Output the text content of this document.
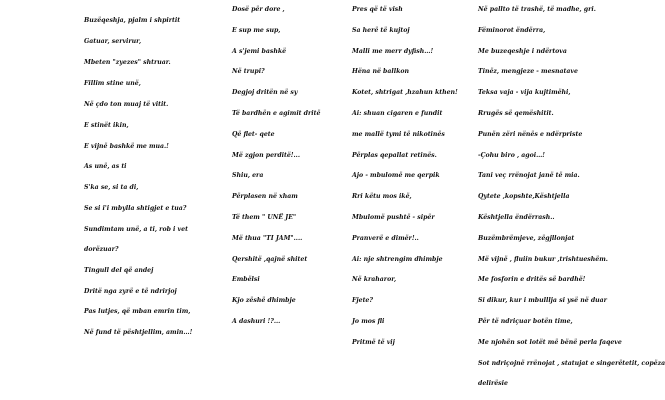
Buzëqeshja, pjalm i shpirtit
Gatuar, servirur,
Mbeten "zyezes" shtruar.
Fillim stine unë,
Në çdo ton muaj të vitit.
E stinët ikin,
E vijnë bashkë me mua.!
As unë, as ti
S'ka se, si ta di,
Se si i'i mbylla shtigjet e tua?
Sundimtam unë, a ti, rob i vet
dorëzuar?
Tingull del që andej
Dritë nga zyrë e të ndrirjoj
Pas lutjes, që mban emrin tim,
Në fund të pështjellim, amin…!
Dosë për dore ,
E sup me sup,
A s'jemi bashkë
Në trupi?
Degjoj dritën në sy
Të bardhën e agimit dritë
Që flet- qete
Më zgjon perditë!...
Shiu, era
Përplasen në xham
Të them " UNË JE"
Më thua "TI JAM"....
Qershitë ,qajnë shitet
Embëlsi
Kjo zëshë dhimbje
A dashuri !?...
Pres që të vish
Sa herë të kujtoj
Malli me merr dyfish…!
Hëna në ballkon
Kotet, shtrigat ,hzahun kthen!
Ai: shuan cigaren e fundit
me mallë tymi të nikotinës
Përplas qepallat retinës.
Ajo - mbulomë me qerpik
Rri këtu mos ikë,
Mbulomë pushtë - sipër
Pranverë e dimër!..
Ai: nje shtrengim dhimbje
Në kraharor,
Fjete?
Jo mos fli
Pritmë të vij
Në pallto të trashë, të madhe, gri.
Fëminorot ëndërra,
Me buzeqeshje i ndërtova
Tinëz, mengjeze - mesnatave
Teksa vaja - vija kujtimëhi,
Rrugës së qemëshitit.
Punën zëri nënës e ndërpriste
-Çohu biro , agoi…!
Tani veç rrënojat janë të mia.
Qytete ,kopshte,Kështjella
Kështjella ëndërrash..
Buzëmbrëmjeve, zëgjllonjat
Më vijnë , fluiin bukur ,trishtueshëm.
Me fosforin e dritës së bardhë!
Si dikur, kur i mbulllja si ysë në duar
Për të ndriçuar botën time,
Me njohën sot lotët më bënë perla faqeve
Sot ndriçojnë rrënojat , statujat e singerëtetit, copëza
delirësie
